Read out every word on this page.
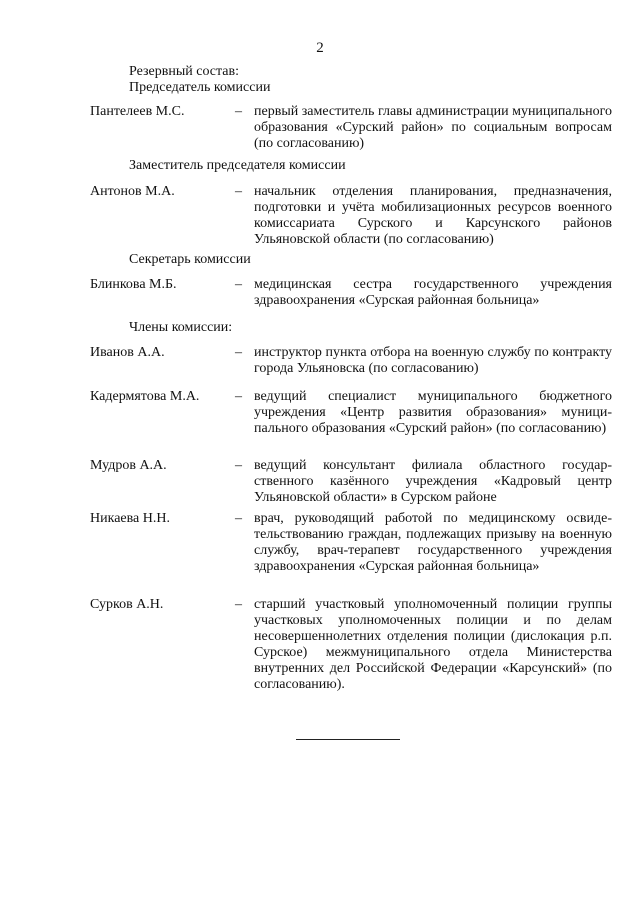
2
Резервный состав:
Председатель комиссии
Пантелеев М.С.	– первый заместитель главы администрации муниципального образования «Сурский район» по социальным вопросам (по согласованию)
Заместитель председателя комиссии
Антонов М.А.	– начальник отделения планирования, предназначения, подготовки и учёта мобилизационных ресурсов военного комиссариата Сурского и Карсунского районов Ульяновской области (по согласованию)
Секретарь комиссии
Блинкова М.Б.	– медицинская сестра государственного учреждения здравоохранения «Сурская районная больница»
Члены комиссии:
Иванов А.А.	– инструктор пункта отбора на военную службу по контракту города Ульяновска (по согласованию)
Кадермятова М.А.	– ведущий специалист муниципального бюджетного учреждения «Центр развития образования» муниципального образования «Сурский район» (по согласованию)
Мудров А.А.	– ведущий консультант филиала областного государственного казённого учреждения «Кадровый центр Ульяновской области» в Сурском районе
Никаева Н.Н.	– врач, руководящий работой по медицинскому освидетельствованию граждан, подлежащих призыву на военную службу, врач-терапевт государственного учреждения здравоохранения «Сурская районная больница»
Сурков А.Н.	– старший участковый уполномоченный полиции группы участковых уполномоченных полиции и по делам несовершеннолетних отделения полиции (дислокация р.п. Сурское) межмуниципального отдела Министерства внутренних дел Российской Федерации «Карсунский» (по согласованию).
